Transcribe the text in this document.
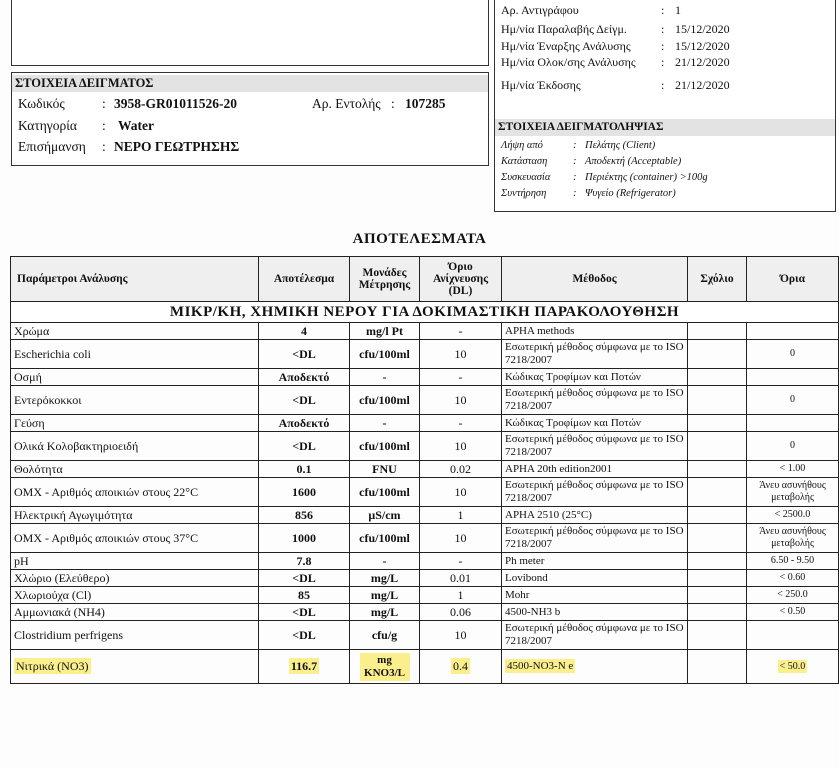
ΣΤΟΙΧΕΙΑ ΔΕΙΓΜΑΤΟΣ
Κωδικός	: 3958-GR01011526-20	Αρ. Εντολής : 107285
Κατηγορία : Water
Επισήμανση : ΝΕΡΟ ΓΕΩΤΡΗΣΗΣ
Αρ. Αντιγράφου	: 1
Ημ/νία Παραλαβής Δείγμ.	: 15/12/2020
Ημ/νία Έναρξης Ανάλυσης	: 15/12/2020
Ημ/νία Ολοκ/σης Ανάλυσης : 21/12/2020
Ημ/νία Έκδοσης	: 21/12/2020
ΣΤΟΙΧΕΙΑ ΔΕΙΓΜΑΤΟΛΗΨΙΑΣ
Λήψη από	: Πελάτης (Client)
Κατάσταση : Αποδεκτή (Acceptable)
Συσκευασία : Περιέκτης (container) >100g
Συντήρηση	: Ψυγείο (Refrigerator)
ΑΠΟΤΕΛΕΣΜΑΤΑ
Παράμετροι Ανάλυσης	Αποτέλεσμα	Μονάδες Μέτρησης	Όριο Ανίχνευσης (DL)	Μέθοδος	Σχόλιο	Όρια
ΜΙΚΡ/ΚΗ, ΧΗΜΙΚΗ ΝΕΡΟΥ ΓΙΑ ΔΟΚΙΜΑΣΤΙΚΗ ΠΑΡΑΚΟΛΟΥΘΗΣΗ						
Χρώμα	4	mg/l Pt	-	APHA methods		
Escherichia coli	<DL	cfu/100ml	10	Εσωτερική μέθοδος σύμφωνα με το ISO 7218/2007		0
Οσμή	Αποδεκτό	-	-	Κώδικας Τροφίμων και Ποτών		
Εντερόκοκκοι	<DL	cfu/100ml	10	Εσωτερική μέθοδος σύμφωνα με το ISO 7218/2007		0
Γεύση	Αποδεκτό	-	-	Κώδικας Τροφίμων και Ποτών		
Ολικά Κολοβακτηριοειδή	<DL	cfu/100ml	10	Εσωτερική μέθοδος σύμφωνα με το ISO 7218/2007		0
Θολότητα	0.1	FNU	0.02	APHA 20th edition2001		< 1.00
ΟΜΧ - Αριθμός αποικιών στους 22°C	1600	cfu/100ml	10	Εσωτερική μέθοδος σύμφωνα με το ISO 7218/2007		Άνευ ασυνήθους μεταβολής
Ηλεκτρική Αγωγιμότητα	856	μS/cm	1	APHA 2510 (25°C)		< 2500.0
ΟΜΧ - Αριθμός αποικιών στους 37°C	1000	cfu/100ml	10	Εσωτερική μέθοδος σύμφωνα με το ISO 7218/2007		Άνευ ασυνήθους μεταβολής
pH	7.8	-	-	Ph meter		6.50 - 9.50
Χλώριο (Ελεύθερο)	<DL	mg/L	0.01	Lovibond		< 0.60
Χλωριούχα (Cl)	85	mg/L	1	Mohr		< 250.0
Αμμωνιακά (NH4)	<DL	mg/L	0.06	4500-NH3 b		< 0.50
Clostridium perfrigens	<DL	cfu/g	10	Εσωτερική μέθοδος σύμφωνα με το ISO 7218/2007		
Νιτρικά (NO3)	116.7	mg KNO3/L	0.4	4500-NO3-N e		< 50.0
